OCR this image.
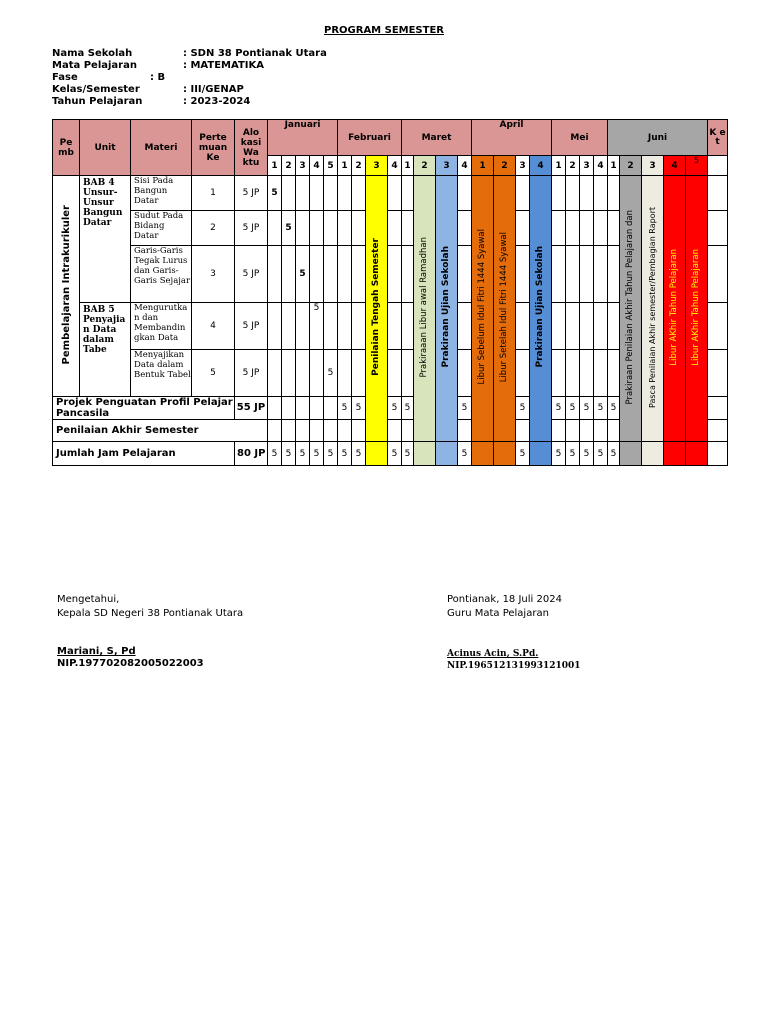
PROGRAM SEMESTER
Nama Sekolah	: SDN 38 Pontianak Utara
Mata Pelajaran	: MATEMATIKA
Fase	: B
Kelas/Semester	: III/GENAP
Tahun Pelajaran	: 2023-2024
Pe mb	Unit	Materi	Perte muan Ke	Alo kasi Wa ktu	Januari					Februari				Maret				April				Mei				Juni					K e t
					1	2	3	4	5	1	2	3	4	1	2	3	4	1	2	3	4	1	2	3	4	1	2	3	4	5	
Pembelajaran Intrakurikuler	BAB 4 Unsur-Unsur Bangun Datar	Sisi Pada Bangun Datar	1	5 JP	5							Penilaian Tengah Semester			Prakiraaan Libur awal Ramadhan	Prakiraan Ujian Sekolah		Libur Sebelum Idul Fitri 1444 Syawal	Libur Setelah Idul Fitri 1444 Syawal		Prakiraan Ujian Sekolah						Prakiraan Penilaian Akhir Tahun Pelajaran dan	Pasca Penilaian Akhir semester/Pembagian Raport	Libur AKhir Tahun Pelajaran	Libur AKhir Tahun Pelajaran	
		Sudut Pada Bidang Datar	2	5 JP		5																									
		Garis-Garis Tegak Lurus dan Garis-Garis Sejajar	3	5 JP			5																								
	BAB 5 Penyajia n Data dalam Tabe	Mengurutka n dan Membandin gkan Data	4	5 JP				5																							
		Menyajikan Data dalam Bentuk Tabel	5	5 JP					5																						
Projek Penguatan Profil Pelajar Pancasila				55 JP						5	5		5	5			5			5		5	5	5	5	5					
Penilaian Akhir Semester																															
Jumlah Jam Pelajaran				80 JP	5	5	5	5	5	5	5		5	5			5			5		5	5	5	5	5					
Mengetahui,
Kepala SD Negeri 38 Pontianak Utara
Pontianak, 18 Juli 2024
Guru Mata Pelajaran
Mariani, S, Pd
NIP.197702082005022003
Acinus Acin, S.Pd.
NIP.196512131993121001
